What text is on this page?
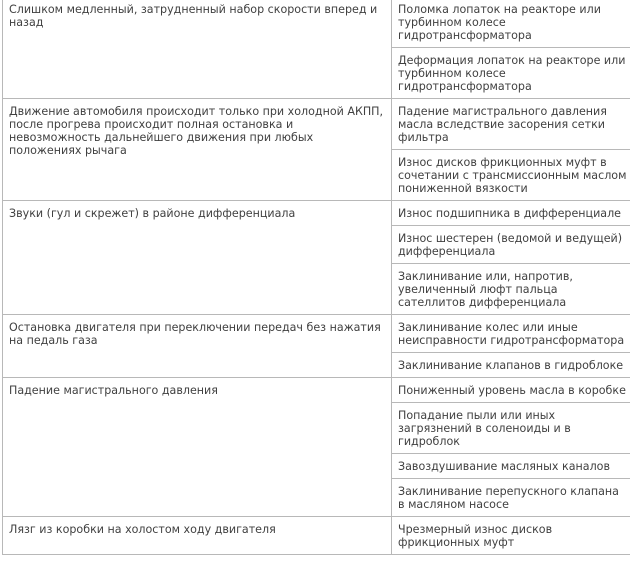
Слишком медленный, затрудненный набор скорости вперед и назад	Поломка лопаток на реакторе или турбинном колесе гидротрансформатора
	Деформация лопаток на реакторе или турбинном колесе гидротрансформатора
Движение автомобиля происходит только при холодной АКПП, после прогрева происходит полная остановка и невозможность дальнейшего движения при любых положениях рычага	Падение магистрального давления масла вследствие засорения сетки фильтра
	Износ дисков фрикционных муфт в сочетании с трансмиссионным маслом пониженной вязкости
Звуки (гул и скрежет) в районе дифференциала	Износ подшипника в дифференциале
	Износ шестерен (ведомой и ведущей) дифференциала
	Заклинивание или, напротив, увеличенный люфт пальца сателлитов дифференциала
Остановка двигателя при переключении передач без нажатия на педаль газа	Заклинивание колес или иные неисправности гидротрансформатора
	Заклинивание клапанов в гидроблоке
Падение магистрального давления	Пониженный уровень масла в коробке
	Попадание пыли или иных загрязнений в соленоиды и в гидроблок
	Завоздушивание масляных каналов
	Заклинивание перепускного клапана в масляном насосе
Лязг из коробки на холостом ходу двигателя	Чрезмерный износ дисков фрикционных муфт
